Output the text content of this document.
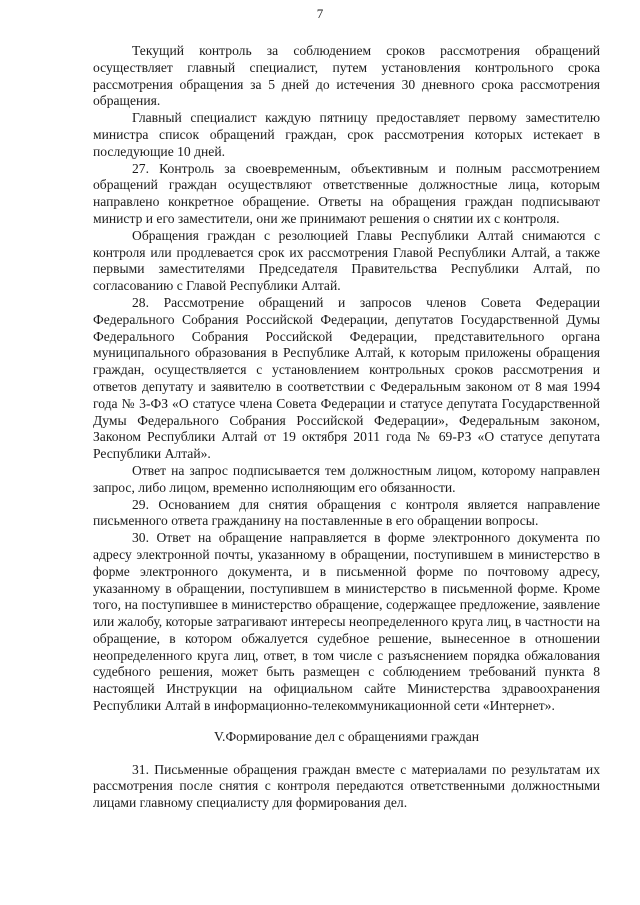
7

Текущий контроль за соблюдением сроков рассмотрения обращений осуществляет главный специалист, путем установления контрольного срока рассмотрения обращения за 5 дней до истечения 30 дневного срока рассмотрения обращения.

Главный специалист каждую пятницу предоставляет первому заместителю министра список обращений граждан, срок рассмотрения которых истекает в последующие 10 дней.

27. Контроль за своевременным, объективным и полным рассмотрением обращений граждан осуществляют ответственные должностные лица, которым направлено конкретное обращение. Ответы на обращения граждан подписывают министр и его заместители, они же принимают решения о снятии их с контроля.

Обращения граждан с резолюцией Главы Республики Алтай снимаются с контроля или продлевается срок их рассмотрения Главой Республики Алтай, а также первыми заместителями Председателя Правительства Республики Алтай, по согласованию с Главой Республики Алтай.

28. Рассмотрение обращений и запросов членов Совета Федерации Федерального Собрания Российской Федерации, депутатов Государственной Думы Федерального Собрания Российской Федерации, представительного органа муниципального образования в Республике Алтай, к которым приложены обращения граждан, осуществляется с установлением контрольных сроков рассмотрения и ответов депутату и заявителю в соответствии с Федеральным законом от 8 мая 1994 года № 3-ФЗ «О статусе члена Совета Федерации и статусе депутата Государственной Думы Федерального Собрания Российской Федерации», Федеральным законом, Законом Республики Алтай от 19 октября 2011 года № 69-РЗ «О статусе депутата Республики Алтай».

Ответ на запрос подписывается тем должностным лицом, которому направлен запрос, либо лицом, временно исполняющим его обязанности.

29. Основанием для снятия обращения с контроля является направление письменного ответа гражданину на поставленные в его обращении вопросы.

30. Ответ на обращение направляется в форме электронного документа по адресу электронной почты, указанному в обращении, поступившем в министерство в форме электронного документа, и в письменной форме по почтовому адресу, указанному в обращении, поступившем в министерство в письменной форме. Кроме того, на поступившее в министерство обращение, содержащее предложение, заявление или жалобу, которые затрагивают интересы неопределенного круга лиц, в частности на обращение, в котором обжалуется судебное решение, вынесенное в отношении неопределенного круга лиц, ответ, в том числе с разъяснением порядка обжалования судебного решения, может быть размещен с соблюдением требований пункта 8 настоящей Инструкции на официальном сайте Министерства здравоохранения Республики Алтай в информационно-телекоммуникационной сети «Интернет».

V.Формирование дел с обращениями граждан

31. Письменные обращения граждан вместе с материалами по результатам их рассмотрения после снятия с контроля передаются ответственными должностными лицами главному специалисту для формирования дел.
